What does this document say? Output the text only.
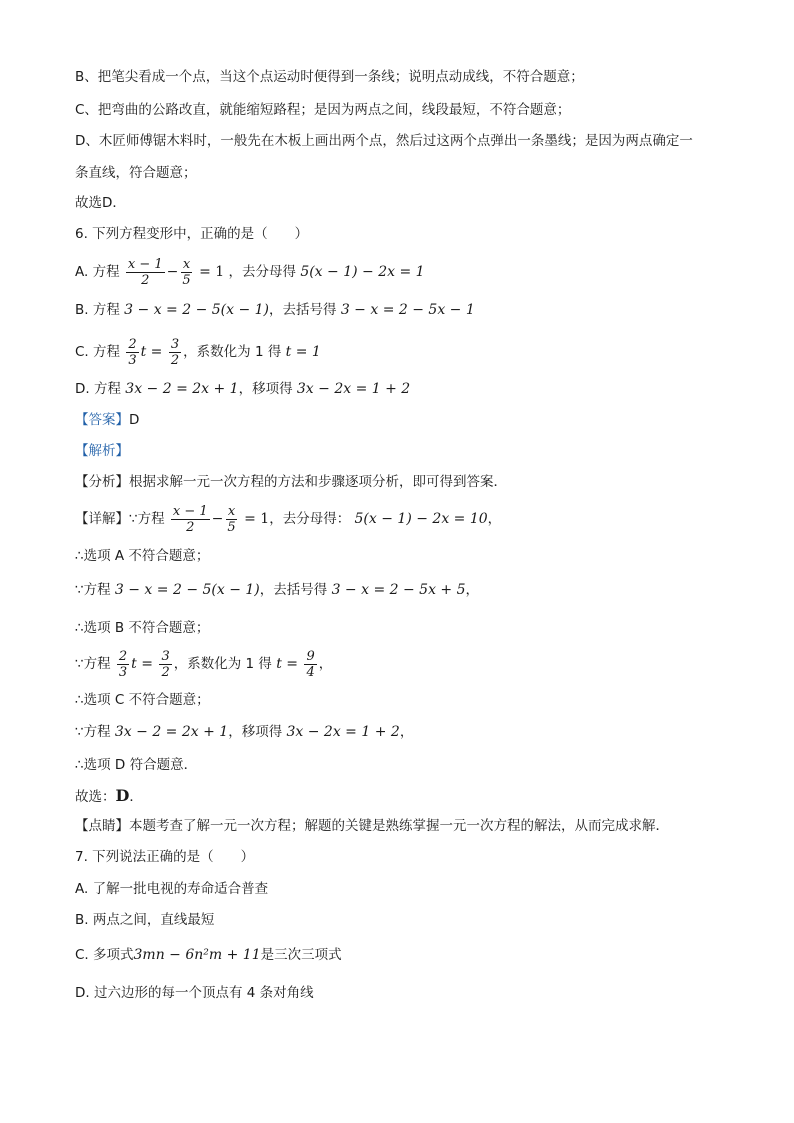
B、把笔尖看成一个点，当这个点运动时便得到一条线；说明点动成线，不符合题意；
C、把弯曲的公路改直，就能缩短路程；是因为两点之间，线段最短，不符合题意；
D、木匠师傅锯木料时，一般先在木板上画出两个点，然后过这两个点弹出一条墨线；是因为两点确定一
条直线，符合题意；
故选D．
6. 下列方程变形中，正确的是（　　）
A. 方程 $\frac{x - 1}{2} - \frac{x}{5} = 1$ ，去分母得 5(x − 1) − 2x = 1
B. 方程 3 − x = 2 − 5(x − 1)，去括号得 3 − x = 2 − 5x − 1
C. 方程 $\frac{2}{3}$ $t = \frac{3}{2}$ ，系数化为 1 得 t = 1
D. 方程 3x − 2 = 2x + 1，移项得 3x − 2x = 1 + 2
【答案】D
【解析】
【分析】根据求解一元一次方程的方法和步骤逐项分析，即可得到答案．
【详解】∵方程 $\frac{x - 1}{2} - \frac{x}{5} = 1$，去分母得： 5(x − 1) − 2x = 10，
∴选项 A 不符合题意；
∵方程 3 − x = 2 − 5(x − 1)，去括号得 3 − x = 2 − 5x + 5，
∴选项 B 不符合题意；
∵方程 $\frac{2}{3}$ $t = \frac{3}{2}$ ，系数化为 1 得 $t = \frac{9}{4}$ ，
∴选项 C 不符合题意；
∵方程 3x − 2 = 2x + 1，移项得 3x − 2x = 1 + 2，
∴选项 D 符合题意．
故选：D．
【点睛】本题考查了解一元一次方程；解题的关键是熟练掌握一元一次方程的解法，从而完成求解．
7. 下列说法正确的是（　　）
A. 了解一批电视的寿命适合普查
B. 两点之间，直线最短
C. 多项式3mn − 6n²m + 11是三次三项式
D. 过六边形的每一个顶点有 4 条对角线
